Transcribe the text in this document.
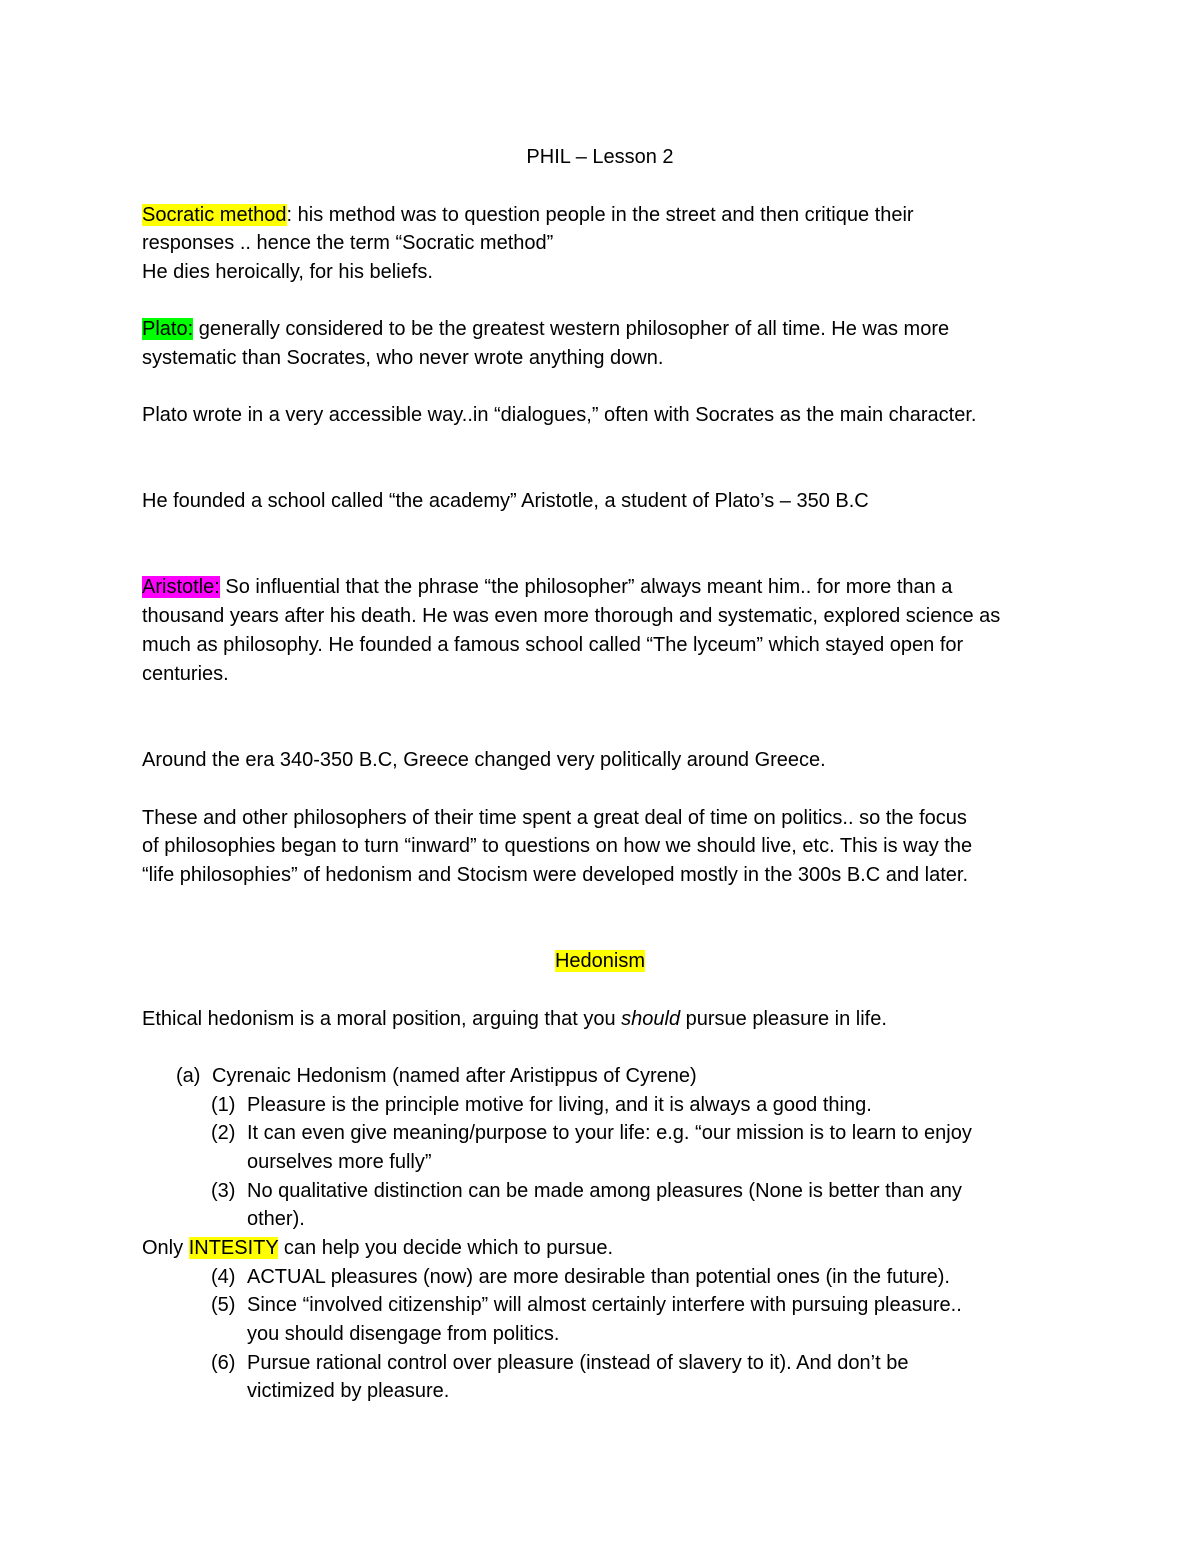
PHIL – Lesson 2
Socratic method: his method was to question people in the street and then critique their
responses .. hence the term “Socratic method”
He dies heroically, for his beliefs.
Plato: generally considered to be the greatest western philosopher of all time. He was more
systematic than Socrates, who never wrote anything down.
Plato wrote in a very accessible way..in “dialogues,” often with Socrates as the main character.
He founded a school called “the academy” Aristotle, a student of Plato’s – 350 B.C
Aristotle: So influential that the phrase “the philosopher” always meant him.. for more than a
thousand years after his death. He was even more thorough and systematic, explored science as
much as philosophy. He founded a famous school called “The lyceum” which stayed open for
centuries.
Around the era 340-350 B.C, Greece changed very politically around Greece.
These and other philosophers of their time spent a great deal of time on politics.. so the focus
of philosophies began to turn “inward” to questions on how we should live, etc. This is way the
“life philosophies” of hedonism and Stocism were developed mostly in the 300s B.C and later.
Hedonism
Ethical hedonism is a moral position, arguing that you should pursue pleasure in life.
(a) Cyrenaic Hedonism (named after Aristippus of Cyrene)
(1) Pleasure is the principle motive for living, and it is always a good thing.
(2) It can even give meaning/purpose to your life: e.g. “our mission is to learn to enjoy
ourselves more fully”
(3) No qualitative distinction can be made among pleasures (None is better than any
other).
Only INTESITY can help you decide which to pursue.
(4) ACTUAL pleasures (now) are more desirable than potential ones (in the future).
(5) Since “involved citizenship” will almost certainly interfere with pursuing pleasure..
you should disengage from politics.
(6) Pursue rational control over pleasure (instead of slavery to it). And don’t be
victimized by pleasure.
